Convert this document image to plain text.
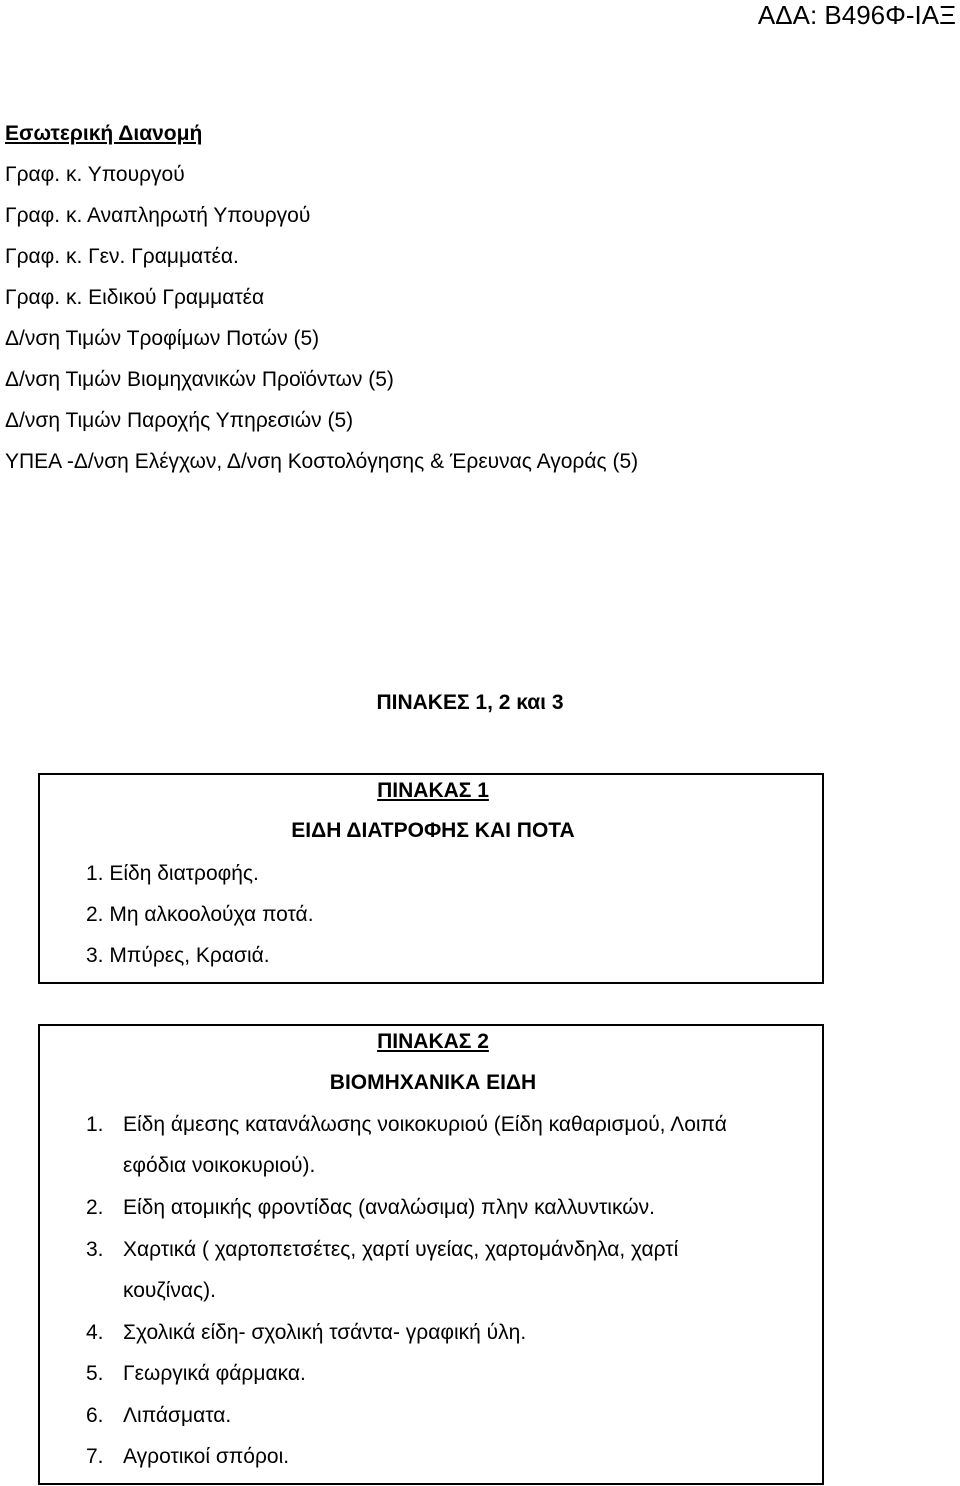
ΑΔΑ: Β496Φ-ΙΑΞ
Εσωτερική Διανομή
Γραφ. κ. Υπουργού
Γραφ. κ. Αναπληρωτή Υπουργού
Γραφ. κ. Γεν. Γραμματέα.
Γραφ. κ. Ειδικού Γραμματέα
Δ/νση Τιμών Τροφίμων Ποτών (5)
Δ/νση Τιμών Βιομηχανικών Προϊόντων (5)
Δ/νση Τιμών Παροχής Υπηρεσιών (5)
ΥΠΕΑ -Δ/νση Ελέγχων, Δ/νση Κοστολόγησης & Έρευνας Αγοράς (5)
ΠΙΝΑΚΕΣ 1, 2 και 3
ΠΙΝΑΚΑΣ 1
ΕΙΔΗ ΔΙΑΤΡΟΦΗΣ ΚΑΙ ΠΟΤΑ
1. Είδη διατροφής.
2. Μη αλκοολούχα ποτά.
3. Μπύρες, Κρασιά.
ΠΙΝΑΚΑΣ 2
ΒΙΟΜΗΧΑΝΙΚΑ ΕΙΔΗ
1. Είδη άμεσης κατανάλωσης νοικοκυριού (Είδη καθαρισμού, Λοιπά
εφόδια νοικοκυριού).
2. Είδη ατομικής φροντίδας (αναλώσιμα) πλην καλλυντικών.
3. Χαρτικά ( χαρτοπετσέτες, χαρτί υγείας, χαρτομάνδηλα, χαρτί
κουζίνας).
4. Σχολικά είδη- σχολική τσάντα- γραφική ύλη.
5. Γεωργικά φάρμακα.
6. Λιπάσματα.
7. Αγροτικοί σπόροι.
